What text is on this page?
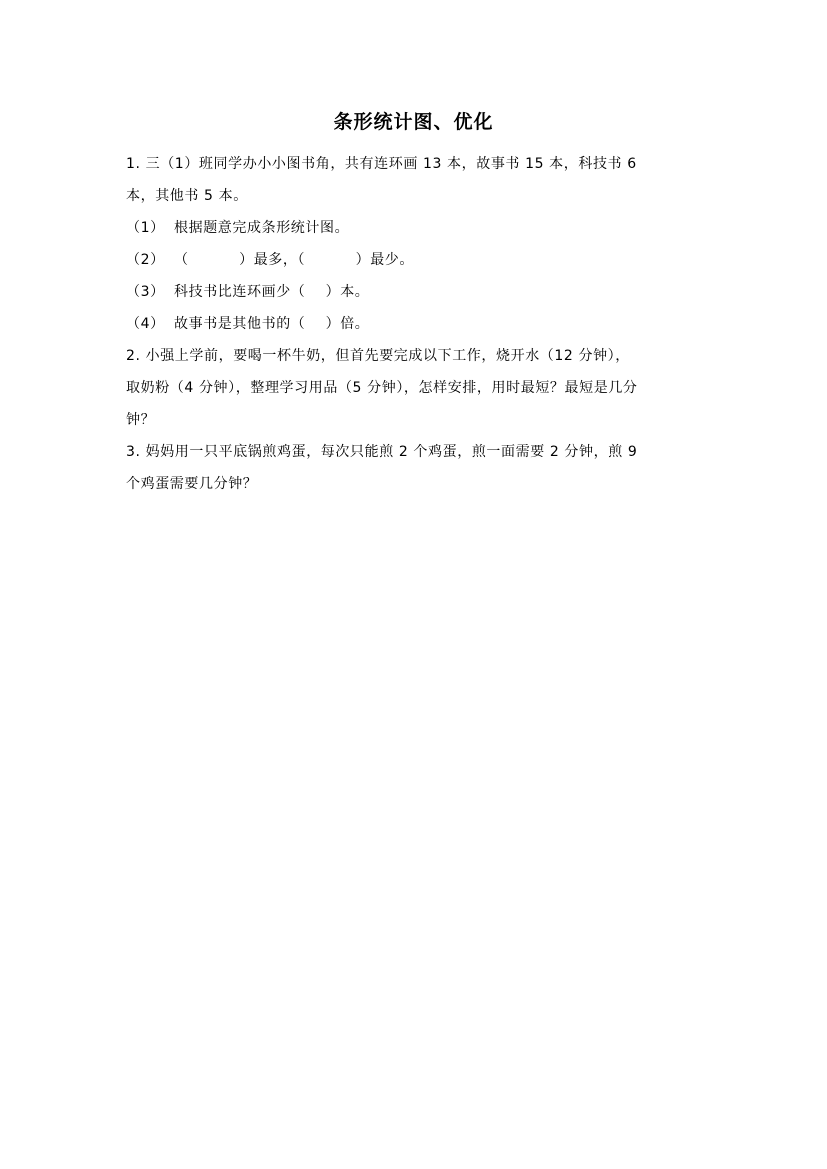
条形统计图、优化
1. 三（1）班同学办小小图书角，共有连环画 13 本，故事书 15 本，科技书 6
本，其他书 5 本。
（1） 根据题意完成条形统计图。
（2） （          ）最多，（          ）最少。
（3） 科技书比连环画少（    ）本。
（4） 故事书是其他书的（    ）倍。
2. 小强上学前，要喝一杯牛奶，但首先要完成以下工作，烧开水（12 分钟），
取奶粉（4 分钟），整理学习用品（5 分钟），怎样安排，用时最短？最短是几分
钟？
3. 妈妈用一只平底锅煎鸡蛋，每次只能煎 2 个鸡蛋，煎一面需要 2 分钟，煎 9
个鸡蛋需要几分钟？
